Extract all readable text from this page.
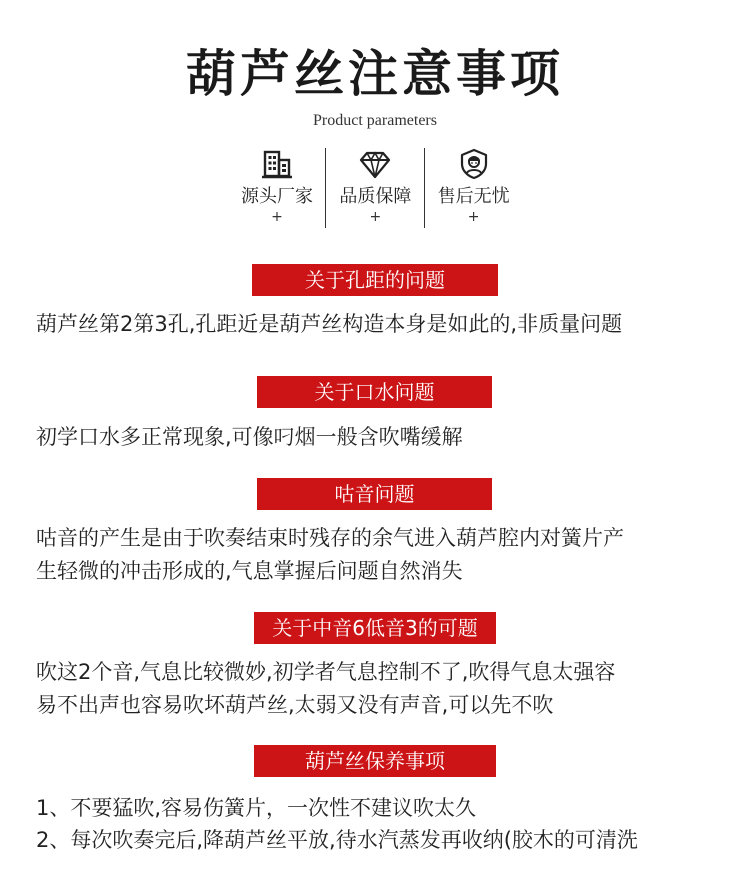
葫芦丝注意事项
Product parameters
源头厂家
+
品质保障
+
售后无忧
+
关于孔距的问题
葫芦丝第2第3孔,孔距近是葫芦丝构造本身是如此的,非质量问题
关于口水问题
初学口水多正常现象,可像叼烟一般含吹嘴缓解
咕音问题
咕音的产生是由于吹奏结束时残存的余气进入葫芦腔内对簧片产
生轻微的冲击形成的,气息掌握后问题自然消失
关于中音6低音3的可题
吹这2个音,气息比较微妙,初学者气息控制不了,吹得气息太强容
易不出声也容易吹坏葫芦丝,太弱又没有声音,可以先不吹
葫芦丝保养事项
1、不要猛吹,容易伤簧片，一次性不建议吹太久
2、每次吹奏完后,降葫芦丝平放,待水汽蒸发再收纳(胶木的可清洗
